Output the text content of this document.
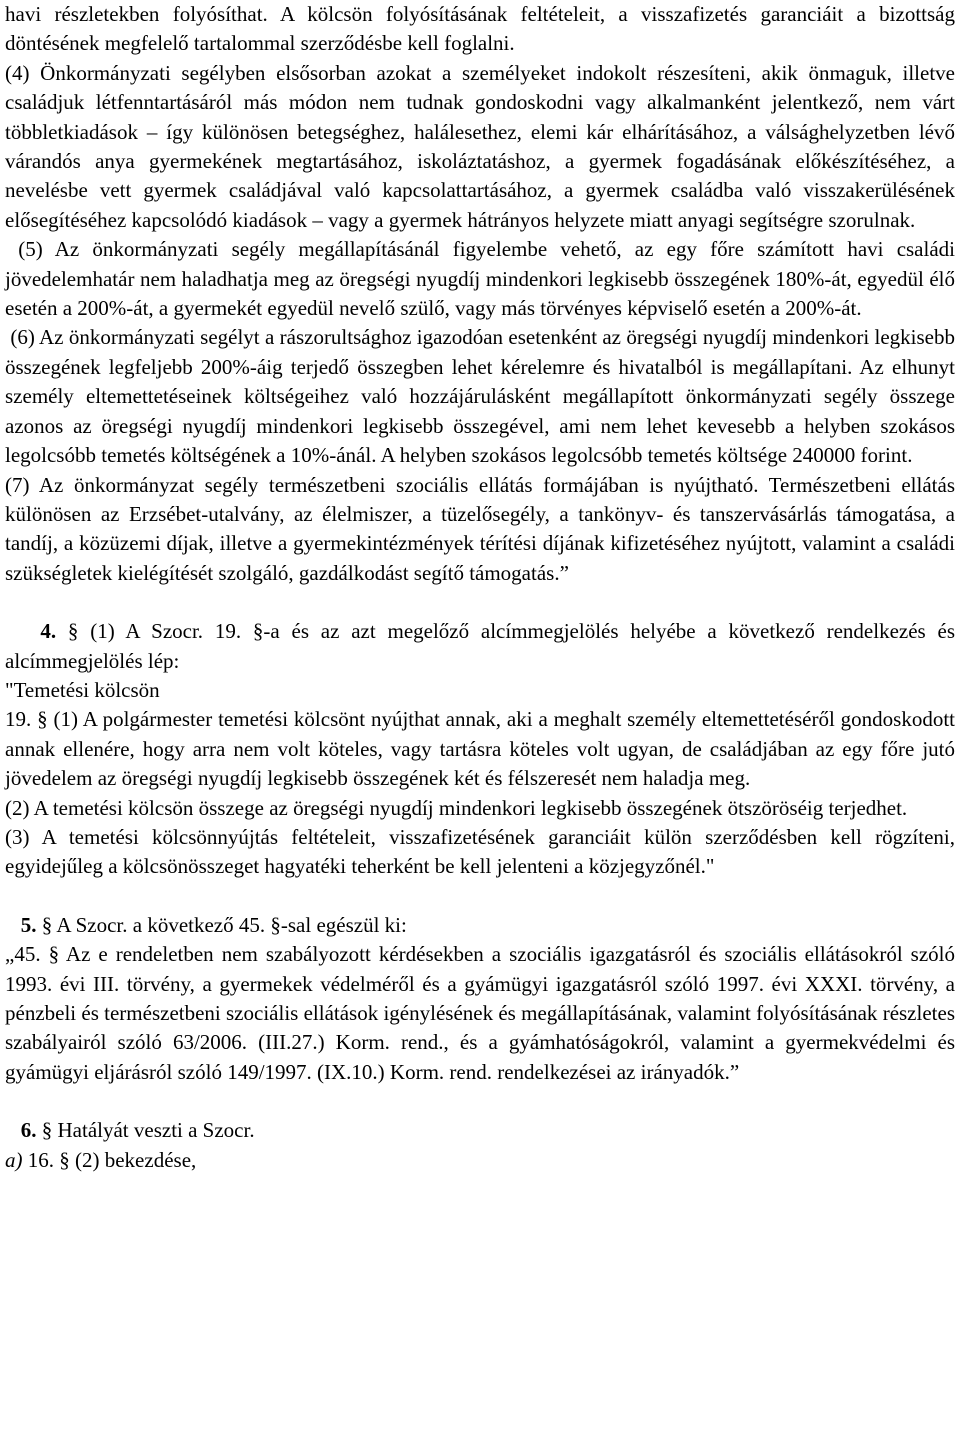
havi részletekben folyósíthat. A kölcsön folyósításának feltételeit, a visszafizetés garanciáit a bizottság döntésének megfelelő tartalommal szerződésbe kell foglalni.

(4) Önkormányzati segélyben elsősorban azokat a személyeket indokolt részesíteni, akik önmaguk, illetve családjuk létfenntartásáról más módon nem tudnak gondoskodni vagy alkalmanként jelentkező, nem várt többletkiadások – így különösen betegséghez, halálesethez, elemi kár elhárításához, a válsághelyzetben lévő várandós anya gyermekének megtartásához, iskoláztatáshoz, a gyermek fogadásának előkészítéséhez, a nevelésbe vett gyermek családjával való kapcsolattartásához, a gyermek családba való visszakerülésének elősegítéséhez kapcsolódó kiadások – vagy a gyermek hátrányos helyzete miatt anyagi segítségre szorulnak.

(5) Az önkormányzati segély megállapításánál figyelembe vehető, az egy főre számított havi családi jövedelemhatár nem haladhatja meg az öregségi nyugdíj mindenkori legkisebb összegének 180%-át, egyedül élő esetén a 200%-át, a gyermekét egyedül nevelő szülő, vagy más törvényes képviselő esetén a 200%-át.

(6) Az önkormányzati segélyt a rászorultsághoz igazodóan esetenként az öregségi nyugdíj mindenkori legkisebb összegének legfeljebb 200%-áig terjedő összegben lehet kérelemre és hivatalból is megállapítani. Az elhunyt személy eltemettetéseinek költségeihez való hozzájárulásként megállapított önkormányzati segély összege azonos az öregségi nyugdíj mindenkori legkisebb összegével, ami nem lehet kevesebb a helyben szokásos legolcsóbb temetés költségének a 10%-ánál. A helyben szokásos legolcsóbb temetés költsége 240000 forint.

(7) Az önkormányzat segély természetbeni szociális ellátás formájában is nyújtható. Természetbeni ellátás különösen az Erzsébet-utalvány, az élelmiszer, a tüzelősegély, a tankönyv- és tanszervásárlás támogatása, a tandíj, a közüzemi díjak, illetve a gyermekintézmények térítési díjának kifizetéséhez nyújtott, valamint a családi szükségletek kielégítését szolgáló, gazdálkodást segítő támogatás.”

4. § (1) A Szocr. 19. §-a és az azt megelőző alcímmegjelölés helyébe a következő rendelkezés és alcímmegjelölés lép:

"Temetési kölcsön

19. § (1) A polgármester temetési kölcsönt nyújthat annak, aki a meghalt személy eltemettetéséről gondoskodott annak ellenére, hogy arra nem volt köteles, vagy tartásra köteles volt ugyan, de családjában az egy főre jutó jövedelem az öregségi nyugdíj legkisebb összegének két és félszeresét nem haladja meg.

(2) A temetési kölcsön összege az öregségi nyugdíj mindenkori legkisebb összegének ötszöröséig terjedhet.

(3) A temetési kölcsönnyújtás feltételeit, visszafizetésének garanciáit külön szerződésben kell rögzíteni, egyidejűleg a kölcsönösszeget hagyatéki teherként be kell jelenteni a közjegyzőnél."

5. § A Szocr. a következő 45. §-sal egészül ki:

„45. § Az e rendeletben nem szabályozott kérdésekben a szociális igazgatásról és szociális ellátásokról szóló 1993. évi III. törvény, a gyermekek védelméről és a gyámügyi igazgatásról szóló 1997. évi XXXI. törvény, a pénzbeli és természetbeni szociális ellátások igénylésének és megállapításának, valamint folyósításának részletes szabályairól szóló 63/2006. (III.27.) Korm. rend., és a gyámhatóságokról, valamint a gyermekvédelmi és gyámügyi eljárásról szóló 149/1997. (IX.10.) Korm. rend. rendelkezései az irányadók.”

6. § Hatályát veszti a Szocr.

a) 16. § (2) bekezdése,
